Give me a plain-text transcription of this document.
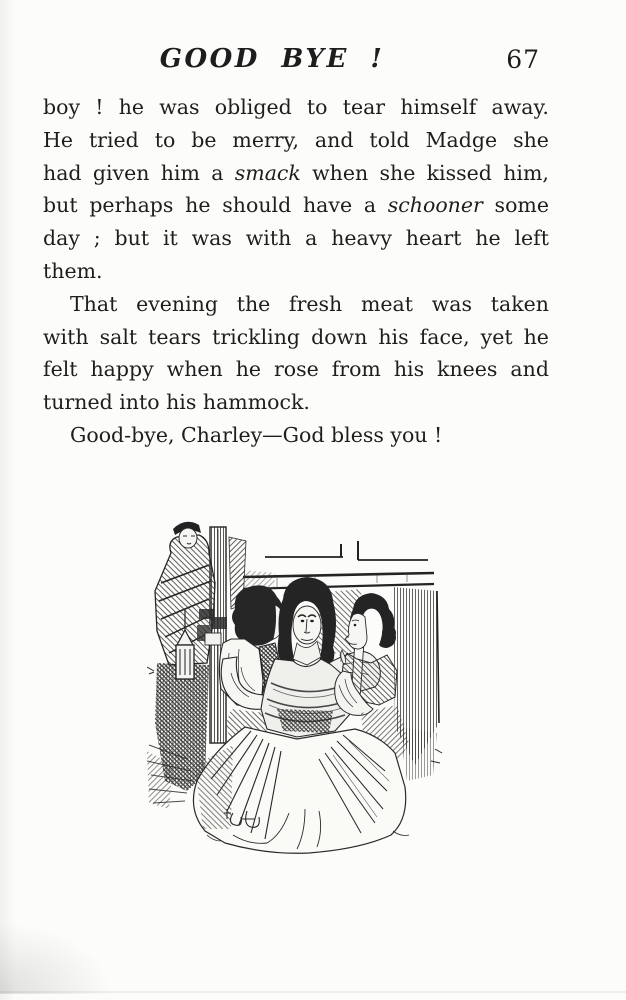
GOOD BYE !	67
boy ! he was obliged to tear himself away.
He tried to be merry, and told Madge she
had given him a smack when she kissed him,
but perhaps he should have a schooner some
day ; but it was with a heavy heart he left
them.
That evening the fresh meat was taken
with salt tears trickling down his face, yet he
felt happy when he rose from his knees and
turned into his hammock.
Good-bye, Charley—God bless you !
